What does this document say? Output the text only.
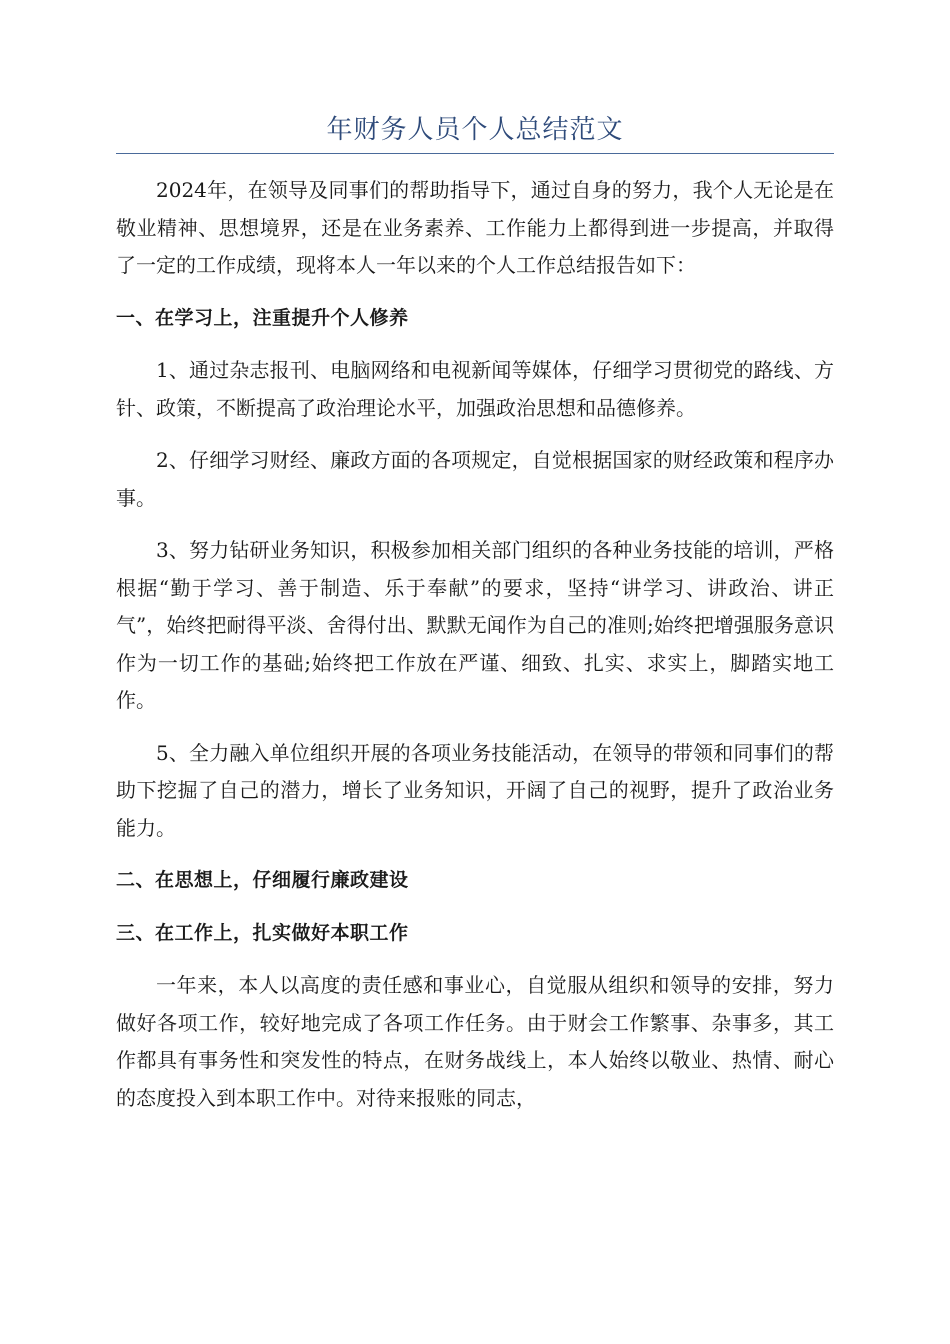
年财务人员个人总结范文

2024年，在领导及同事们的帮助指导下，通过自身的努力，我个人无论是在敬业精神、思想境界，还是在业务素养、工作能力上都得到进一步提高，并取得了一定的工作成绩，现将本人一年以来的个人工作总结报告如下：

一、在学习上，注重提升个人修养

1、通过杂志报刊、电脑网络和电视新闻等媒体，仔细学习贯彻党的路线、方针、政策，不断提高了政治理论水平，加强政治思想和品德修养。

2、仔细学习财经、廉政方面的各项规定，自觉根据国家的财经政策和程序办事。

3、努力钻研业务知识，积极参加相关部门组织的各种业务技能的培训，严格根据“勤于学习、善于制造、乐于奉献”的要求，坚持“讲学习、讲政治、讲正气”，始终把耐得平淡、舍得付出、默默无闻作为自己的准则;始终把增强服务意识作为一切工作的基础;始终把工作放在严谨、细致、扎实、求实上，脚踏实地工作。

5、全力融入单位组织开展的各项业务技能活动，在领导的带领和同事们的帮助下挖掘了自己的潜力，增长了业务知识，开阔了自己的视野，提升了政治业务能力。

二、在思想上，仔细履行廉政建设

三、在工作上，扎实做好本职工作

一年来，本人以高度的责任感和事业心，自觉服从组织和领导的安排，努力做好各项工作，较好地完成了各项工作任务。由于财会工作繁事、杂事多，其工作都具有事务性和突发性的特点，在财务战线上，本人始终以敬业、热情、耐心的态度投入到本职工作中。对待来报账的同志，
